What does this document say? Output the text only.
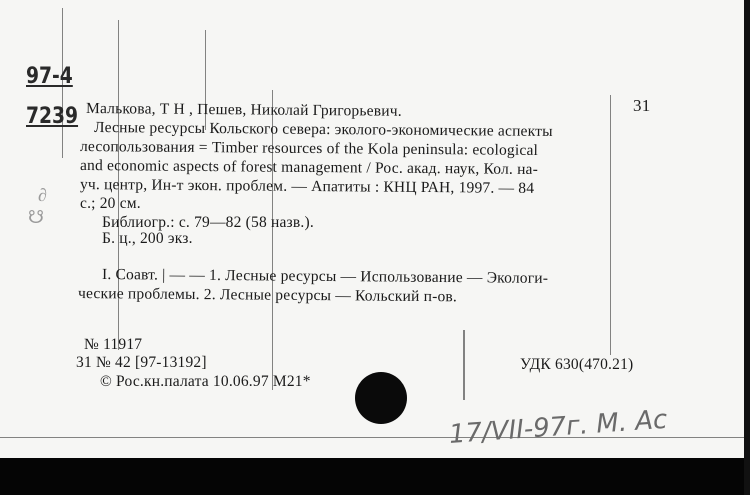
97-4
7239
∂
☋
31
Малькова, Т Н , Пешев, Николай Григорьевич.
Лесные ресурсы Кольского севера: эколого-экономические аспекты
лесопользования = Timber resources of the Kola peninsula: ecological
and economic aspects of forest management / Рос. акад. наук, Кол. на-
уч. центр, Ин-т экон. проблем. — Апатиты : КНЦ РАН, 1997. — 84
с.; 20 см.
Библиогр.: с. 79—82 (58 назв.).
Б. ц., 200 экз.
I. Соавт. | — — 1. Лесные ресурсы — Использование — Экологи-
ческие проблемы. 2. Лесные ресурсы — Кольский п-ов.
№ 11917
31 № 42 [97-13192]	УДК 630(470.21)
© Рос.кн.палата 10.06.97 М21*
17/VII-97г. М. Ас
